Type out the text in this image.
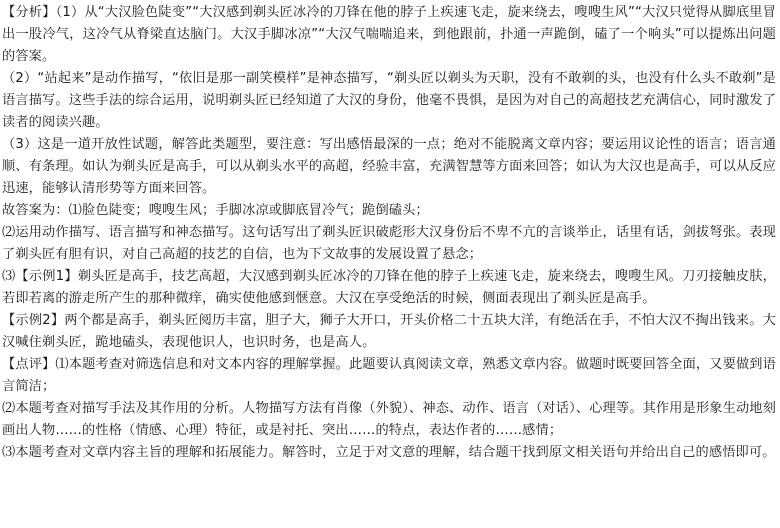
【分析】（1）从“大汉脸色陡变”“大汉感到剃头匠冰冷的刀锋在他的脖子上疾速飞走，旋来绕去，嗖嗖生风”“大汉只觉得从脚底里冒出一股冷气，这冷气从脊梁直达脑门。大汉手脚冰凉”“大汉气喘喘追来，到他跟前，扑通一声跪倒，磕了一个响头”可以提炼出问题的答案。

（2）“站起来”是动作描写，“依旧是那一副笑模样”是神态描写，“剃头匠以剃头为天职，没有不敢剃的头，也没有什么头不敢剃”是语言描写。这些手法的综合运用，说明剃头匠已经知道了大汉的身份，他毫不畏惧，是因为对自己的高超技艺充满信心，同时激发了读者的阅读兴趣。

（3）这是一道开放性试题，解答此类题型，要注意：写出感悟最深的一点；绝对不能脱离文章内容；要运用议论性的语言；语言通顺、有条理。如认为剃头匠是高手，可以从剃头水平的高超，经验丰富，充满智慧等方面来回答；如认为大汉也是高手，可以从反应迅速，能够认清形势等方面来回答。

故答案为：⑴脸色陡变；嗖嗖生风；手脚冰凉或脚底冒冷气；跪倒磕头；

⑵运用动作描写、语言描写和神态描写。这句话写出了剃头匠识破彪形大汉身份后不卑不亢的言谈举止，话里有话，剑拔弩张。表现了剃头匠有胆有识，对自己高超的技艺的自信，也为下文故事的发展设置了悬念；

⑶【示例1】剃头匠是高手，技艺高超，大汉感到剃头匠冰冷的刀锋在他的脖子上疾速飞走，旋来绕去，嗖嗖生风。刀刃接触皮肤，若即若离的游走所产生的那种微痒，确实使他感到惬意。大汉在享受绝活的时候，侧面表现出了剃头匠是高手。

【示例2】两个都是高手，剃头匠阅历丰富，胆子大，狮子大开口，开头价格二十五块大洋，有绝活在手，不怕大汉不掏出钱来。大汉喊住剃头匠，跪地磕头，表现他识人，也识时务，也是高人。

【点评】⑴本题考查对筛选信息和对文本内容的理解掌握。此题要认真阅读文章，熟悉文章内容。做题时既要回答全面，又要做到语言简洁；

⑵本题考查对描写手法及其作用的分析。人物描写方法有肖像（外貌）、神态、动作、语言（对话）、心理等。其作用是形象生动地刻画出人物……的性格（情感、心理）特征，或是衬托、突出……的特点，表达作者的……感情；

⑶本题考查对文章内容主旨的理解和拓展能力。解答时，立足于对文意的理解，结合题干找到原文相关语句并给出自己的感悟即可。
